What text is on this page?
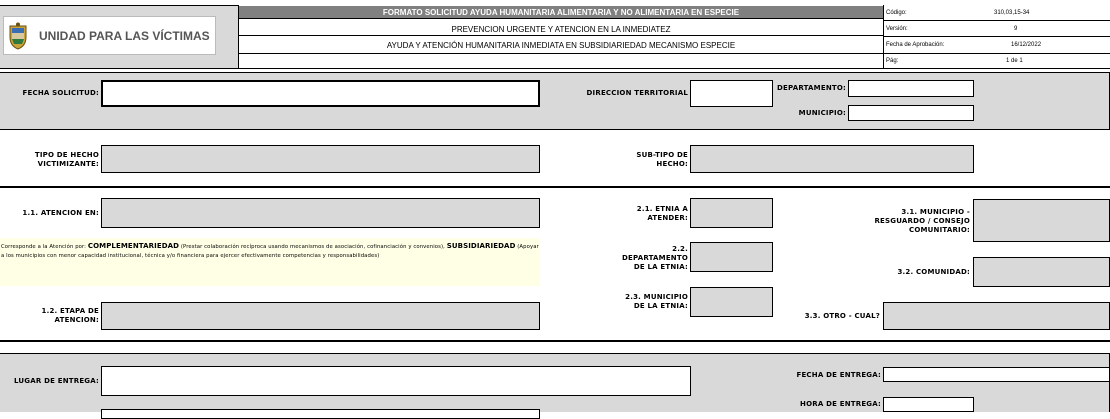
UNIDAD PARA LAS VÍCTIMAS
FORMATO SOLICITUD AYUDA HUMANITARIA ALIMENTARIA Y NO ALIMENTARIA EN ESPECIE
PREVENCION URGENTE Y ATENCION EN LA INMEDIATEZ
AYUDA Y ATENCIÓN HUMANITARIA INMEDIATA EN SUBSIDIARIEDAD MECANISMO ESPECIE
Código:	310,03,15-34
Versión:	9
Fecha de Aprobación:	16/12/2022
Pág:	1 de 1
FECHA SOLICITUD:	DIRECCION TERRITORIAL
DEPARTAMENTO:
MUNICIPIO:
TIPO DE HECHO VICTIMIZANTE:
SUB-TIPO DE HECHO:
1.1. ATENCION EN:	2.1. ETNIA A ATENDER:
3.1. MUNICIPIO - RESGUARDO / CONSEJO COMUNITARIO:
Corresponde a la Atención por: COMPLEMENTARIEDAD (Prestar colaboración recíproca usando mecanismos de asociación, cofinanciación y convenios), SUBSIDIARIEDAD (Apoyar a los municipios con menor capacidad institucional, técnica y/o financiera para ejercer efectivamente competencias y responsabilidades)
2.2. DEPARTAMENTO DE LA ETNIA:
3.2. COMUNIDAD:
1.2. ETAPA DE ATENCION:
2.3. MUNICIPIO DE LA ETNIA:
3.3. OTRO - CUAL?
LUGAR DE ENTREGA:
FECHA DE ENTREGA:
HORA DE ENTREGA:
